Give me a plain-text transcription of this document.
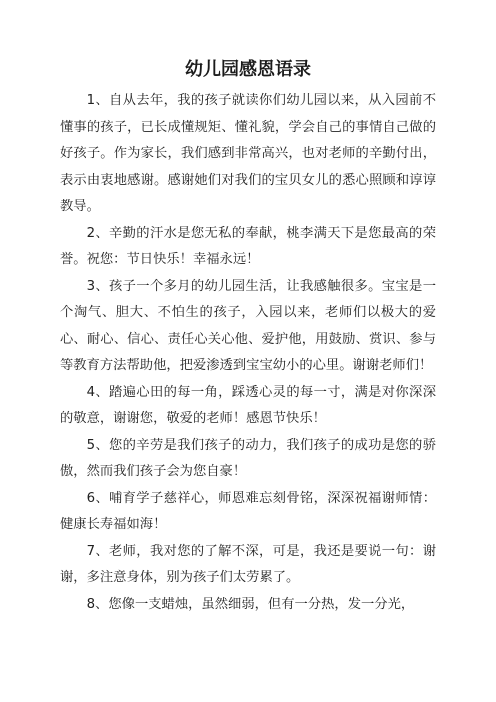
幼儿园感恩语录

1、自从去年，我的孩子就读你们幼儿园以来，从入园前不懂事的孩子，已长成懂规矩、懂礼貌，学会自己的事情自己做的好孩子。作为家长，我们感到非常高兴，也对老师的辛勤付出，表示由衷地感谢。感谢她们对我们的宝贝女儿的悉心照顾和谆谆教导。

2、辛勤的汗水是您无私的奉献，桃李满天下是您最高的荣誉。祝您：节日快乐！幸福永远！

3、孩子一个多月的幼儿园生活，让我感触很多。宝宝是一个淘气、胆大、不怕生的孩子，入园以来，老师们以极大的爱心、耐心、信心、责任心关心他、爱护他，用鼓励、赏识、参与等教育方法帮助他，把爱渗透到宝宝幼小的心里。谢谢老师们！

4、踏遍心田的每一角，踩透心灵的每一寸，满是对你深深的敬意，谢谢您，敬爱的老师！感恩节快乐！

5、您的辛劳是我们孩子的动力，我们孩子的成功是您的骄傲，然而我们孩子会为您自豪！

6、哺育学子慈祥心，师恩难忘刻骨铭，深深祝福谢师情：健康长寿福如海！

7、老师，我对您的了解不深，可是，我还是要说一句：谢谢，多注意身体，别为孩子们太劳累了。

8、您像一支蜡烛，虽然细弱，但有一分热，发一分光，
